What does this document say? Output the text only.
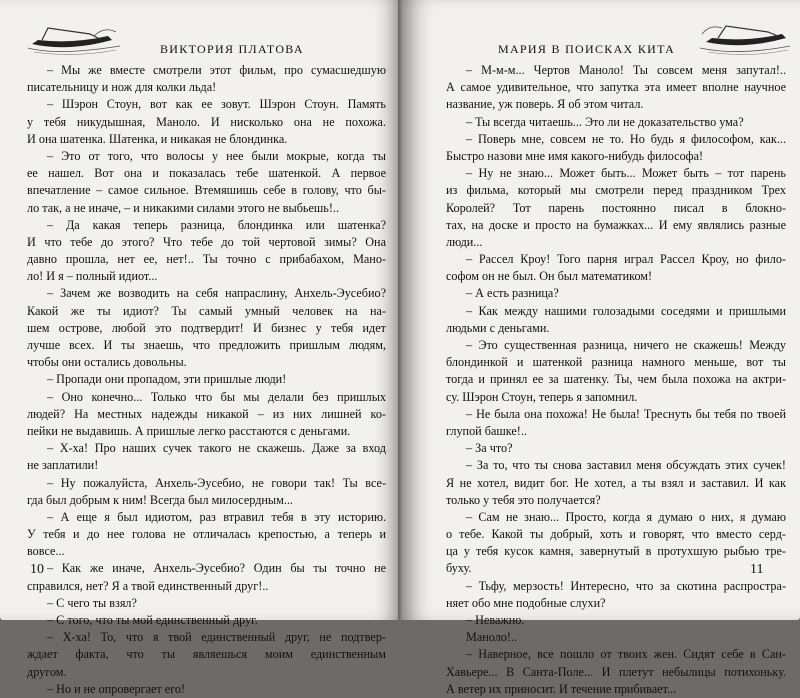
ВИКТОРИЯ ПЛАТОВА
– Мы же вместе смотрели этот фильм, про сумасшедшую
писательницу и нож для колки льда!
– Шэрон Стоун, вот как ее зовут. Шэрон Стоун. Память
у тебя никудышная, Маноло. И нисколько она не похожа.
И она шатенка. Шатенка, и никакая не блондинка.
– Это от того, что волосы у нее были мокрые, когда ты
ее нашел. Вот она и показалась тебе шатенкой. А первое
впечатление – самое сильное. Втемяшишь себе в голову, что бы-
ло так, а не иначе, – и никакими силами этого не выбьешь!..
– Да какая теперь разница, блондинка или шатенка?
И что тебе до этого? Что тебе до той чертовой зимы? Она
давно прошла, нет ее, нет!.. Ты точно с прибабахом, Мано-
ло! И я – полный идиот...
– Зачем же возводить на себя напраслину, Анхель-Эусебио?
Какой же ты идиот? Ты самый умный человек на на-
шем острове, любой это подтвердит! И бизнес у тебя идет
лучше всех. И ты знаешь, что предложить пришлым людям,
чтобы они остались довольны.
– Пропади они пропадом, эти пришлые люди!
– Оно конечно... Только что бы мы делали без пришлых
людей? На местных надежды никакой – из них лишней ко-
пейки не выдавишь. А пришлые легко расстаются с деньгами.
– Х-ха! Про наших сучек такого не скажешь. Даже за вход
не заплатили!
– Ну пожалуйста, Анхель-Эусебио, не говори так! Ты все-
гда был добрым к ним! Всегда был милосердным...
– А еще я был идиотом, раз втравил тебя в эту историю.
У тебя и до нее голова не отличалась крепостью, а теперь и
вовсе...
– Как же иначе, Анхель-Эусебио? Один бы ты точно не
справился, нет? Я а твой единственный друг!..
– С чего ты взял?
– С того, что ты мой единственный друг.
– Х-ха! То, что я твой единственный друг, не подтвер-
ждает факта, что ты являешься моим единственным
другом.
– Но и не опровергает его!
10
МАРИЯ В ПОИСКАХ КИТА
– М-м-м... Чертов Маноло! Ты совсем меня запутал!..
А самое удивительное, что запутка эта имеет вполне научное
название, уж поверь. Я об этом читал.
– Ты всегда читаешь... Это ли не доказательство ума?
– Поверь мне, совсем не то. Но будь я философом, как...
Быстро назови мне имя какого-нибудь философа!
– Ну не знаю... Может быть... Может быть – тот парень
из фильма, который мы смотрели перед праздником Трех
Королей? Тот парень постоянно писал в блокно-
тах, на доске и просто на бумажках... И ему являлись разные
люди...
– Рассел Кроу! Того парня играл Рассел Кроу, но фило-
софом он не был. Он был математиком!
– А есть разница?
– Как между нашими голозадыми соседями и пришлыми
людьми с деньгами.
– Это существенная разница, ничего не скажешь! Между
блондинкой и шатенкой разница намного меньше, вот ты
тогда и принял ее за шатенку. Ты, чем была похожа на актри-
су. Шэрон Стоун, теперь я запомнил.
– Не была она похожа! Не была! Треснуть бы тебя по твоей
глупой башке!..
– За что?
– За то, что ты снова заставил меня обсуждать этих сучек!
Я не хотел, видит бог. Не хотел, а ты взял и заставил. И как
только у тебя это получается?
– Сам не знаю... Просто, когда я думаю о них, я думаю
о тебе. Какой ты добрый, хоть и говорят, что вместо серд-
ца у тебя кусок камня, завернутый в протухшую рыбью тре-
буху.
– Тьфу, мерзость! Интересно, что за скотина распростра-
няет обо мне подобные слухи?
– Неважно.
Маноло!..
– Наверное, все пошло от твоих жен. Сидят себе в Сан-
Хавьере... В Санта-Поле... И плетут небылицы потихоньку.
А ветер их приносит. И течение прибивает...
11
